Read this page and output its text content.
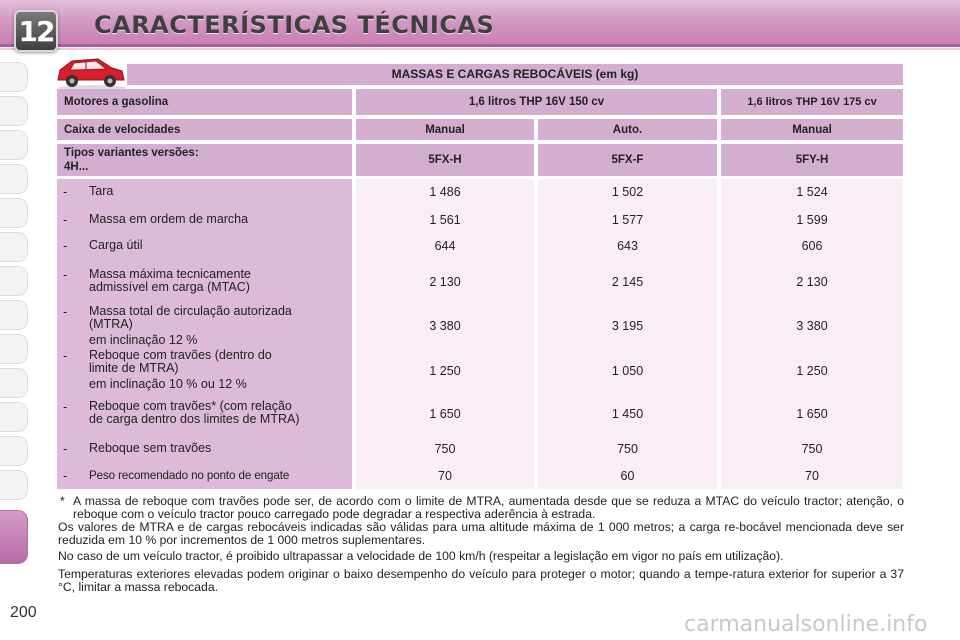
12 CARACTERÍSTICAS TÉCNICAS
200
MASSAS E CARGAS REBOCÁVEIS (em kg)
Motores a gasolina	1,6 litros THP 16V 150 cv	1,6 litros THP 16V 175 cv
Caixa de velocidades	Manual	Auto.	Manual
Tipos variantes versões:
4H...
5FX-H	5FX-F	5FY-H
- Tara	1 486	1 502	1 524
- Massa em ordem de marcha	1 561	1 577	1 599
- Carga útil	644	643	606
- Massa máxima tecnicamente
admissível em carga (MTAC)	2 130	2 145	2 130
- Massa total de circulação autorizada
(MTRA)
em inclinação 12 %
3 380	3 195	3 380
- Reboque com travões (dentro do
limite de MTRA)
em inclinação 10 % ou 12 %
1 250	1 050	1 250
- Reboque com travões* (com relação
de carga dentro dos limites de MTRA)	1 650	1 450	1 650
- Reboque sem travões	750	750	750
- Peso recomendado no ponto de engate	70	60	70
* A massa de reboque com travões pode ser, de acordo com o limite de MTRA, aumentada desde que se reduza a MTAC do veículo tractor; atenção, o reboque com o veículo tractor pouco carregado pode degradar a respectiva aderência à estrada.
Os valores de MTRA e de cargas rebocáveis indicadas são válidas para uma altitude máxima de 1 000 metros; a carga re-bocável mencionada deve ser reduzida em 10 % por incrementos de 1 000 metros suplementares.
No caso de um veículo tractor, é proibido ultrapassar a velocidade de 100 km/h (respeitar a legislação em vigor no país em utilização).
Temperaturas exteriores elevadas podem originar o baixo desempenho do veículo para proteger o motor; quando a tempe-ratura exterior for superior a 37 °C, limitar a massa rebocada.
carmanualsonline.info
